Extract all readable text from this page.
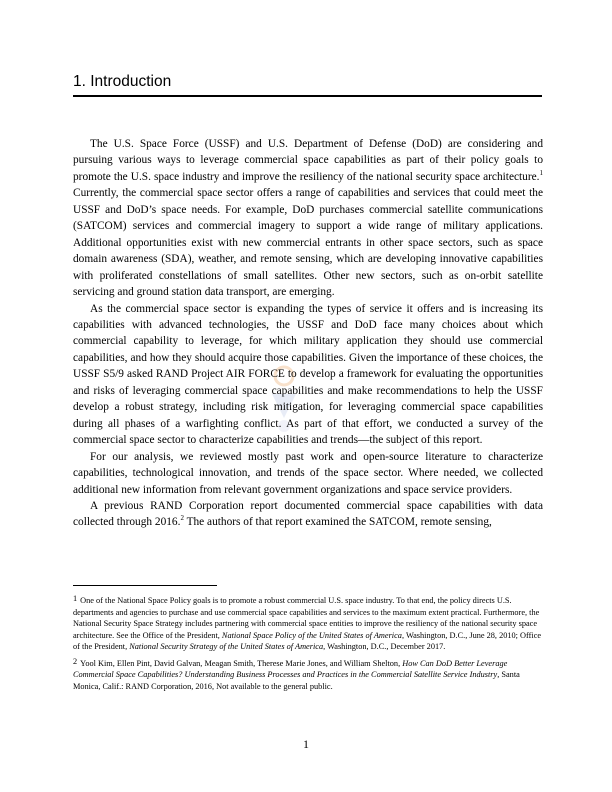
1. Introduction

The U.S. Space Force (USSF) and U.S. Department of Defense (DoD) are considering and pursuing various ways to leverage commercial space capabilities as part of their policy goals to promote the U.S. space industry and improve the resiliency of the national security space architecture.$^1$ Currently, the commercial space sector offers a range of capabilities and services that could meet the USSF and DoD’s space needs. For example, DoD purchases commercial satellite communications (SATCOM) services and commercial imagery to support a wide range of military applications. Additional opportunities exist with new commercial entrants in other space sectors, such as space domain awareness (SDA), weather, and remote sensing, which are developing innovative capabilities with proliferated constellations of small satellites. Other new sectors, such as on-orbit satellite servicing and ground station data transport, are emerging.

As the commercial space sector is expanding the types of service it offers and is increasing its capabilities with advanced technologies, the USSF and DoD face many choices about which commercial capability to leverage, for which military application they should use commercial capabilities, and how they should acquire those capabilities. Given the importance of these choices, the USSF S5/9 asked RAND Project AIR FORCE to develop a framework for evaluating the opportunities and risks of leveraging commercial space capabilities and make recommendations to help the USSF develop a robust strategy, including risk mitigation, for leveraging commercial space capabilities during all phases of a warfighting conflict. As part of that effort, we conducted a survey of the commercial space sector to characterize capabilities and trends—the subject of this report.

For our analysis, we reviewed mostly past work and open-source literature to characterize capabilities, technological innovation, and trends of the space sector. Where needed, we collected additional new information from relevant government organizations and space service providers.

A previous RAND Corporation report documented commercial space capabilities with data collected through 2016.$^2$ The authors of that report examined the SATCOM, remote sensing,

1 One of the National Space Policy goals is to promote a robust commercial U.S. space industry. To that end, the policy directs U.S. departments and agencies to purchase and use commercial space capabilities and services to the maximum extent practical. Furthermore, the National Security Space Strategy includes partnering with commercial space entities to improve the resiliency of the national security space architecture. See the Office of the President, National Space Policy of the United States of America, Washington, D.C., June 28, 2010; Office of the President, National Security Strategy of the United States of America, Washington, D.C., December 2017.

2 Yool Kim, Ellen Pint, David Galvan, Meagan Smith, Therese Marie Jones, and William Shelton, How Can DoD Better Leverage Commercial Space Capabilities? Understanding Business Processes and Practices in the Commercial Satellite Service Industry, Santa Monica, Calif.: RAND Corporation, 2016, Not available to the general public.

1
